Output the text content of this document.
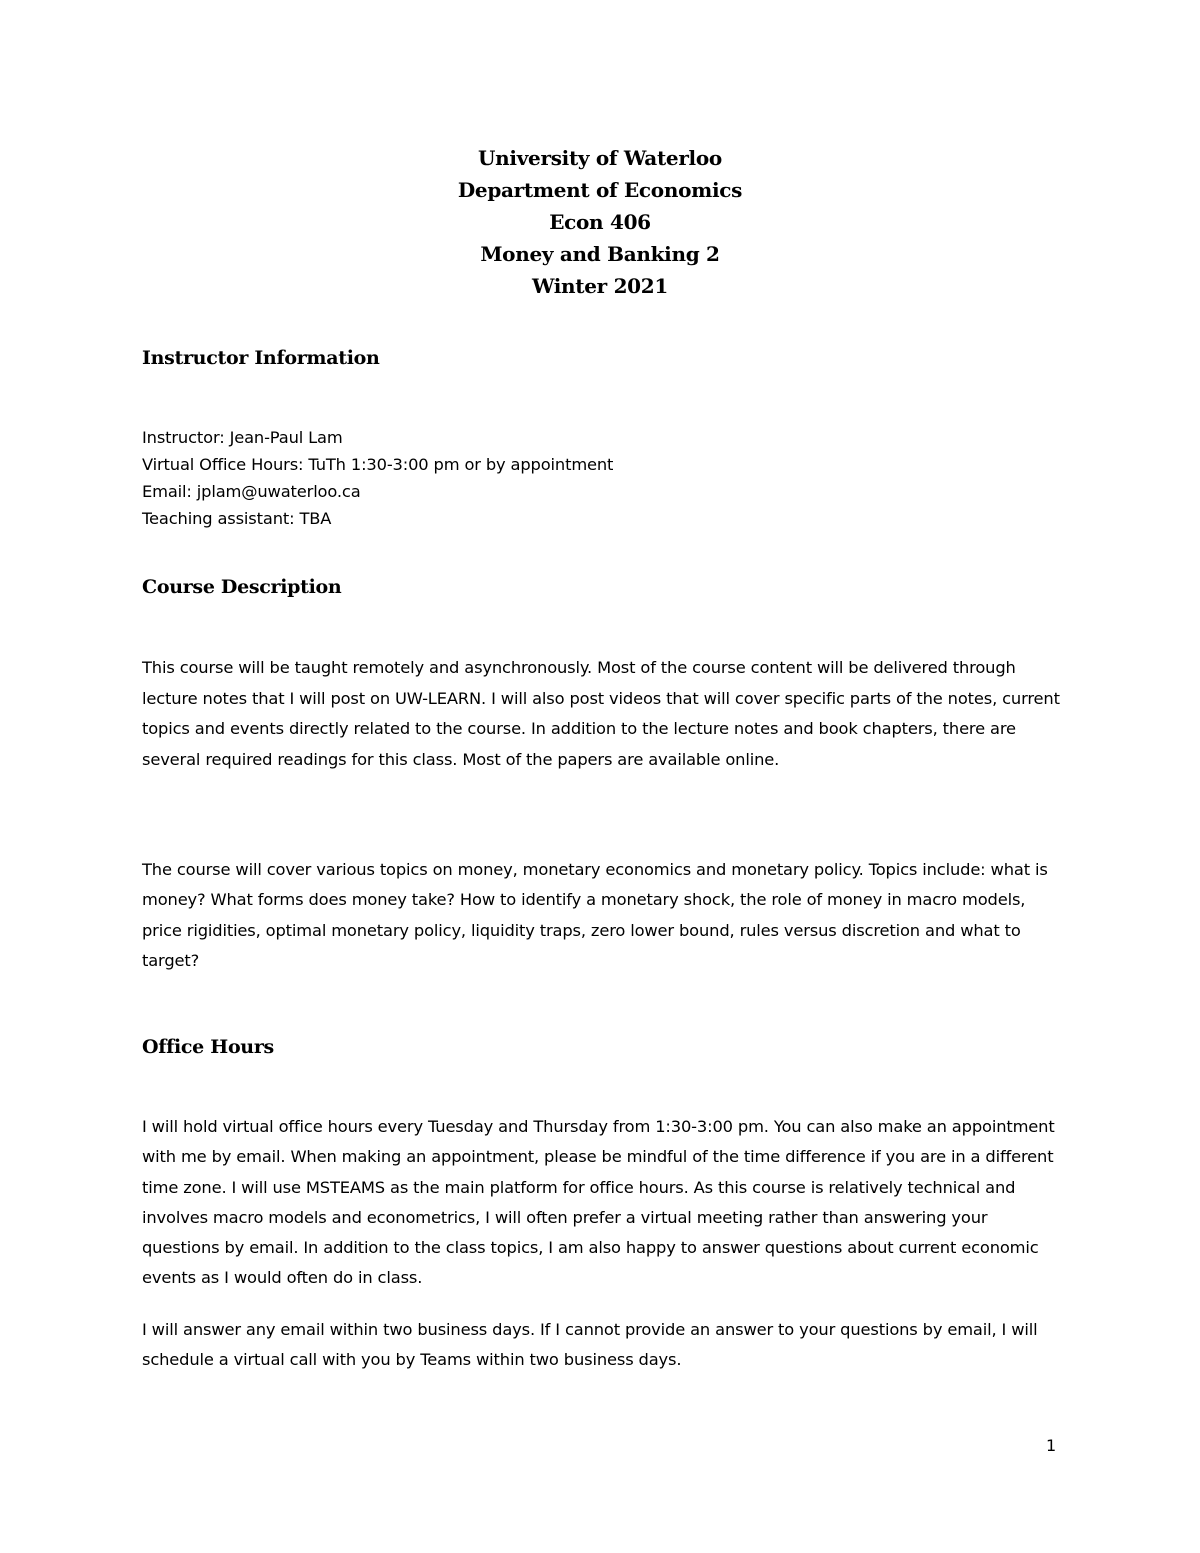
University of Waterloo
Department of Economics
Econ 406
Money and Banking 2
Winter 2021
Instructor Information
Instructor: Jean-Paul Lam
Virtual Office Hours: TuTh 1:30-3:00 pm or by appointment
Email: jplam@uwaterloo.ca
Teaching assistant: TBA
Course Description

This course will be taught remotely and asynchronously. Most of the course content will be delivered through lecture notes that I will post on UW-LEARN. I will also post videos that will cover specific parts of the notes, current topics and events directly related to the course. In addition to the lecture notes and book chapters, there are several required readings for this class. Most of the papers are available online.

The course will cover various topics on money, monetary economics and monetary policy. Topics include: what is money? What forms does money take? How to identify a monetary shock, the role of money in macro models, price rigidities, optimal monetary policy, liquidity traps, zero lower bound, rules versus discretion and what to target?

Office Hours

I will hold virtual office hours every Tuesday and Thursday from 1:30-3:00 pm. You can also make an appointment with me by email. When making an appointment, please be mindful of the time difference if you are in a different time zone. I will use MSTEAMS as the main platform for office hours. As this course is relatively technical and involves macro models and econometrics, I will often prefer a virtual meeting rather than answering your questions by email. In addition to the class topics, I am also happy to answer questions about current economic events as I would often do in class.

I will answer any email within two business days. If I cannot provide an answer to your questions by email, I will schedule a virtual call with you by Teams within two business days.

1
